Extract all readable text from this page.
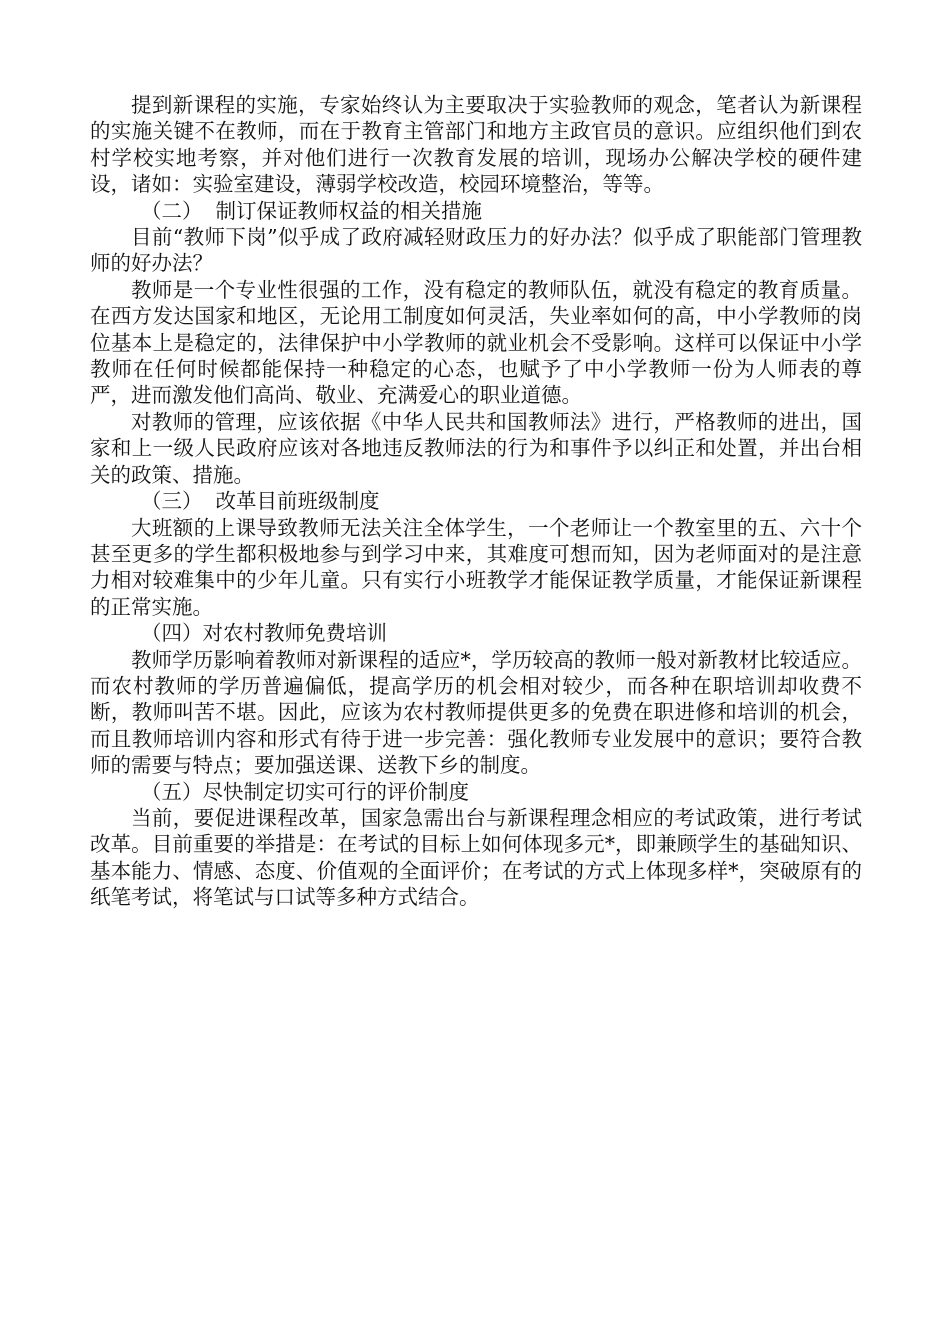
提到新课程的实施，专家始终认为主要取决于实验教师的观念，笔者认为新课程的实施关键不在教师，而在于教育主管部门和地方主政官员的意识。应组织他们到农村学校实地考察，并对他们进行一次教育发展的培训，现场办公解决学校的硬件建设，诸如：实验室建设，薄弱学校改造，校园环境整治，等等。

（二）  制订保证教师权益的相关措施

目前“教师下岗”似乎成了政府减轻财政压力的好办法？似乎成了职能部门管理教师的好办法？

教师是一个专业性很强的工作，没有稳定的教师队伍，就没有稳定的教育质量。在西方发达国家和地区，无论用工制度如何灵活，失业率如何的高，中小学教师的岗位基本上是稳定的，法律保护中小学教师的就业机会不受影响。这样可以保证中小学教师在任何时候都能保持一种稳定的心态，也赋予了中小学教师一份为人师表的尊严，进而激发他们高尚、敬业、充满爱心的职业道德。

对教师的管理，应该依据《中华人民共和国教师法》进行，严格教师的进出，国家和上一级人民政府应该对各地违反教师法的行为和事件予以纠正和处置，并出台相关的政策、措施。

（三）  改革目前班级制度

大班额的上课导致教师无法关注全体学生，一个老师让一个教室里的五、六十个甚至更多的学生都积极地参与到学习中来，其难度可想而知，因为老师面对的是注意力相对较难集中的少年儿童。只有实行小班教学才能保证教学质量，才能保证新课程的正常实施。

（四）对农村教师免费培训

教师学历影响着教师对新课程的适应*，学历较高的教师一般对新教材比较适应。而农村教师的学历普遍偏低，提高学历的机会相对较少，而各种在职培训却收费不断，教师叫苦不堪。因此，应该为农村教师提供更多的免费在职进修和培训的机会，而且教师培训内容和形式有待于进一步完善：强化教师专业发展中的意识；要符合教师的需要与特点；要加强送课、送教下乡的制度。

（五）尽快制定切实可行的评价制度

当前，要促进课程改革，国家急需出台与新课程理念相应的考试政策，进行考试改革。目前重要的举措是：在考试的目标上如何体现多元*，即兼顾学生的基础知识、基本能力、情感、态度、价值观的全面评价；在考试的方式上体现多样*，突破原有的纸笔考试，将笔试与口试等多种方式结合。
